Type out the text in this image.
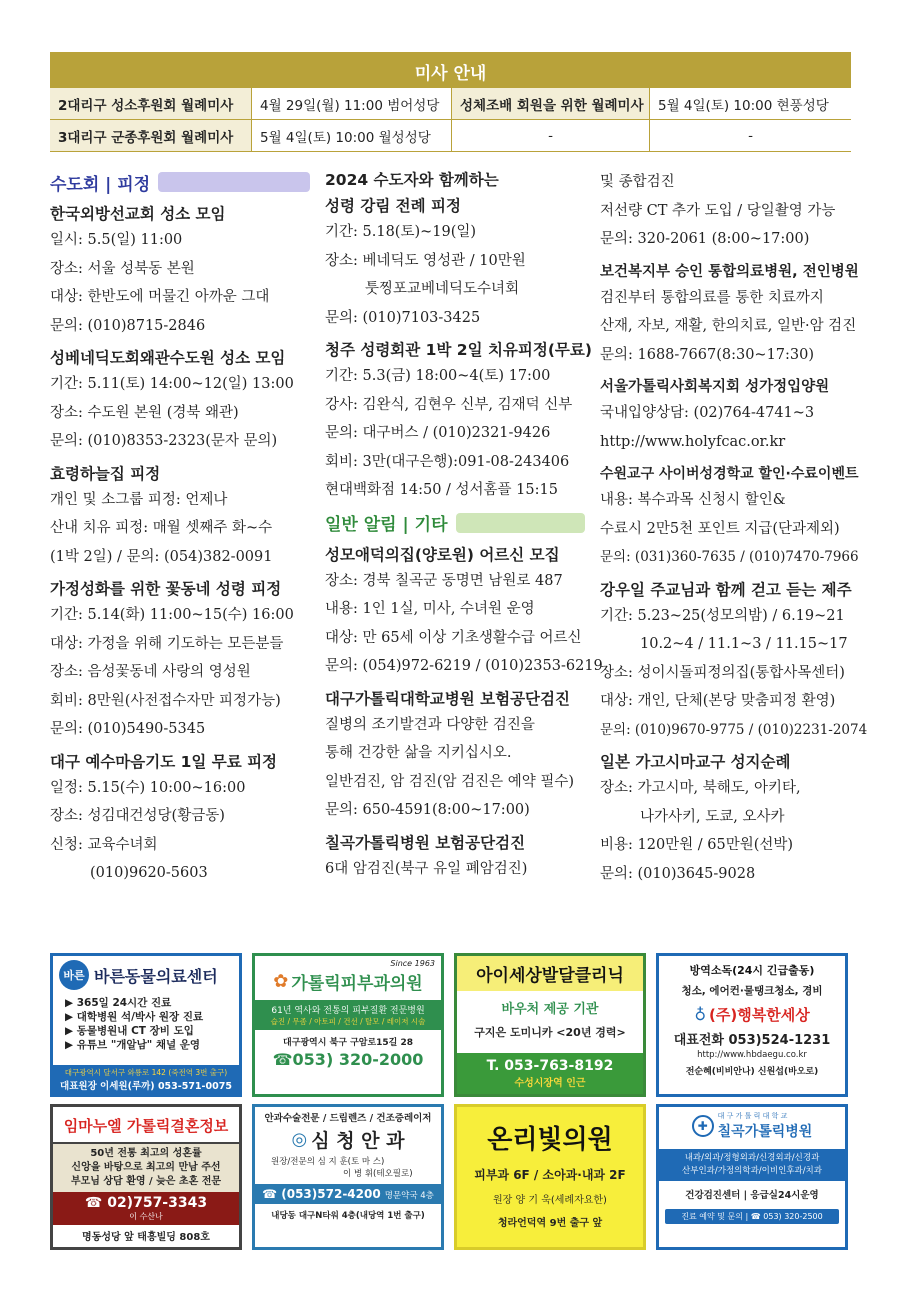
미사 안내
2대리구 성소후원회 월례미사	4월 29일(월) 11:00 범어성당	성체조배 회원을 위한 월례미사	5월 4일(토) 10:00 현풍성당
3대리구 군종후원회 월례미사	5월 4일(토) 10:00 월성성당	-	-
수도회 | 피정
한국외방선교회 성소 모임
일시: 5.5(일) 11:00
장소: 서울 성북동 본원
대상: 한반도에 머물긴 아까운 그대
문의: (010)8715-2846
성베네딕도회왜관수도원 성소 모임
기간: 5.11(토) 14:00~12(일) 13:00
장소: 수도원 본원 (경북 왜관)
문의: (010)8353-2323(문자 문의)
효령하늘집 피정
개인 및 소그룹 피정: 언제나
산내 치유 피정: 매월 셋째주 화~수
(1박 2일) / 문의: (054)382-0091
가정성화를 위한 꽃동네 성령 피정
기간: 5.14(화) 11:00~15(수) 16:00
대상: 가정을 위해 기도하는 모든분들
장소: 음성꽃동네 사랑의 영성원
회비: 8만원(사전접수자만 피정가능)
문의: (010)5490-5345
대구 예수마음기도 1일 무료 피정
일정: 5.15(수) 10:00~16:00
장소: 성김대건성당(황금동)
신청: 교육수녀회
(010)9620-5603
2024 수도자와 함께하는
성령 강림 전례 피정
기간: 5.18(토)~19(일)
장소: 베네딕도 영성관 / 10만원
툿찡포교베네딕도수녀회
문의: (010)7103-3425
청주 성령회관 1박 2일 치유피정(무료)
기간: 5.3(금) 18:00~4(토) 17:00
강사: 김완식, 김현우 신부, 김재덕 신부
문의: 대구버스 / (010)2321-9426
회비: 3만(대구은행):091-08-243406
현대백화점 14:50 / 성서홈플 15:15
일반 알림 | 기타
성모애덕의집(양로원) 어르신 모집
장소: 경북 칠곡군 동명면 남원로 487
내용: 1인 1실, 미사, 수녀원 운영
대상: 만 65세 이상 기초생활수급 어르신
문의: (054)972-6219 / (010)2353-6219
대구가톨릭대학교병원 보험공단검진
질병의 조기발견과 다양한 검진을
통해 건강한 삶을 지키십시오.
일반검진, 암 검진(암 검진은 예약 필수)
문의: 650-4591(8:00~17:00)
칠곡가톨릭병원 보험공단검진
6대 암검진(북구 유일 폐암검진)
및 종합검진
저선량 CT 추가 도입 / 당일촬영 가능
문의: 320-2061 (8:00~17:00)
보건복지부 승인 통합의료병원, 전인병원
검진부터 통합의료를 통한 치료까지
산재, 자보, 재활, 한의치료, 일반·암 검진
문의: 1688-7667(8:30~17:30)
서울가톨릭사회복지회 성가정입양원
국내입양상담: (02)764-4741~3
http://www.holyfcac.or.kr
수원교구 사이버성경학교 할인·수료이벤트
내용: 복수과목 신청시 할인&
수료시 2만5천 포인트 지급(단과제외)
문의: (031)360-7635 / (010)7470-7966
강우일 주교님과 함께 걷고 듣는 제주
기간: 5.23~25(성모의밤) / 6.19~21
10.2~4 / 11.1~3 / 11.15~17
장소: 성이시돌피정의집(통합사목센터)
대상: 개인, 단체(본당 맞춤피정 환영)
문의: (010)9670-9775 / (010)2231-2074
일본 가고시마교구 성지순례
장소: 가고시마, 북해도, 아키타,
나가사키, 도쿄, 오사카
비용: 120만원 / 65만원(선박)
문의: (010)3645-9028
바른 바른동물의료센터
▶ 365일 24시간 진료
▶ 대학병원 석/박사 원장 진료
▶ 동물병원내 CT 장비 도입
▶ 유튜브 "개알남" 채널 운영
대구광역시 달서구 와룡로 142 (죽전역 3번 출구)
대표원장 이세원(루까) 053-571-0075
Since 1963
✿ 가톨릭피부과의원
61년 역사와 전통의 피부질환 전문병원
습진 / 무좀 / 아토피 / 건선 / 탈모 / 레이저 시술
대구광역시 북구 구암로15길 28
☎053) 320-2000
아이세상발달클리닉
바우처 제공 기관
구지은 도미니카 <20년 경력>
T. 053-763-8192
수성시장역 인근
방역소독(24시 긴급출동)
청소, 에어컨·물탱크청소, 경비
♁ (주)행복한세상
대표전화 053)524-1231
http://www.hbdaegu.co.kr
전순혜(비비안나) 신원섭(바오로)
임마누엘 가톨릭결혼정보
50년 전통 최고의 성혼률
신앙을 바탕으로 최고의 만남 주선
부모님 상담 환영 / 늦은 초혼 전문
☎ 02)757-3343
이 수산나
명동성당 앞 태흥빌딩 808호
안과수술전문 / 드림렌즈 / 건조증레이저
◎ 심 청 안 과
원장/전문의 심 지 훈(토 마 스)
이 병 휘(테오필로)
☎ (053)572-4200 명문약국 4층
내당동 대구N타워 4층(내당역 1번 출구)
온리빛의원
피부과 6F / 소아과·내과 2F
원장 양 기 욱(세례자요한)
청라언덕역 9번 출구 앞
✚
대 구 가 톨 릭 대 학 교
칠곡가톨릭병원
내과/외과/정형외과/신경외과/신경과
산부인과/가정의학과/이비인후과/치과
건강검진센터 | 응급실24시운영
진료 예약 및 문의 | ☎ 053) 320-2500
